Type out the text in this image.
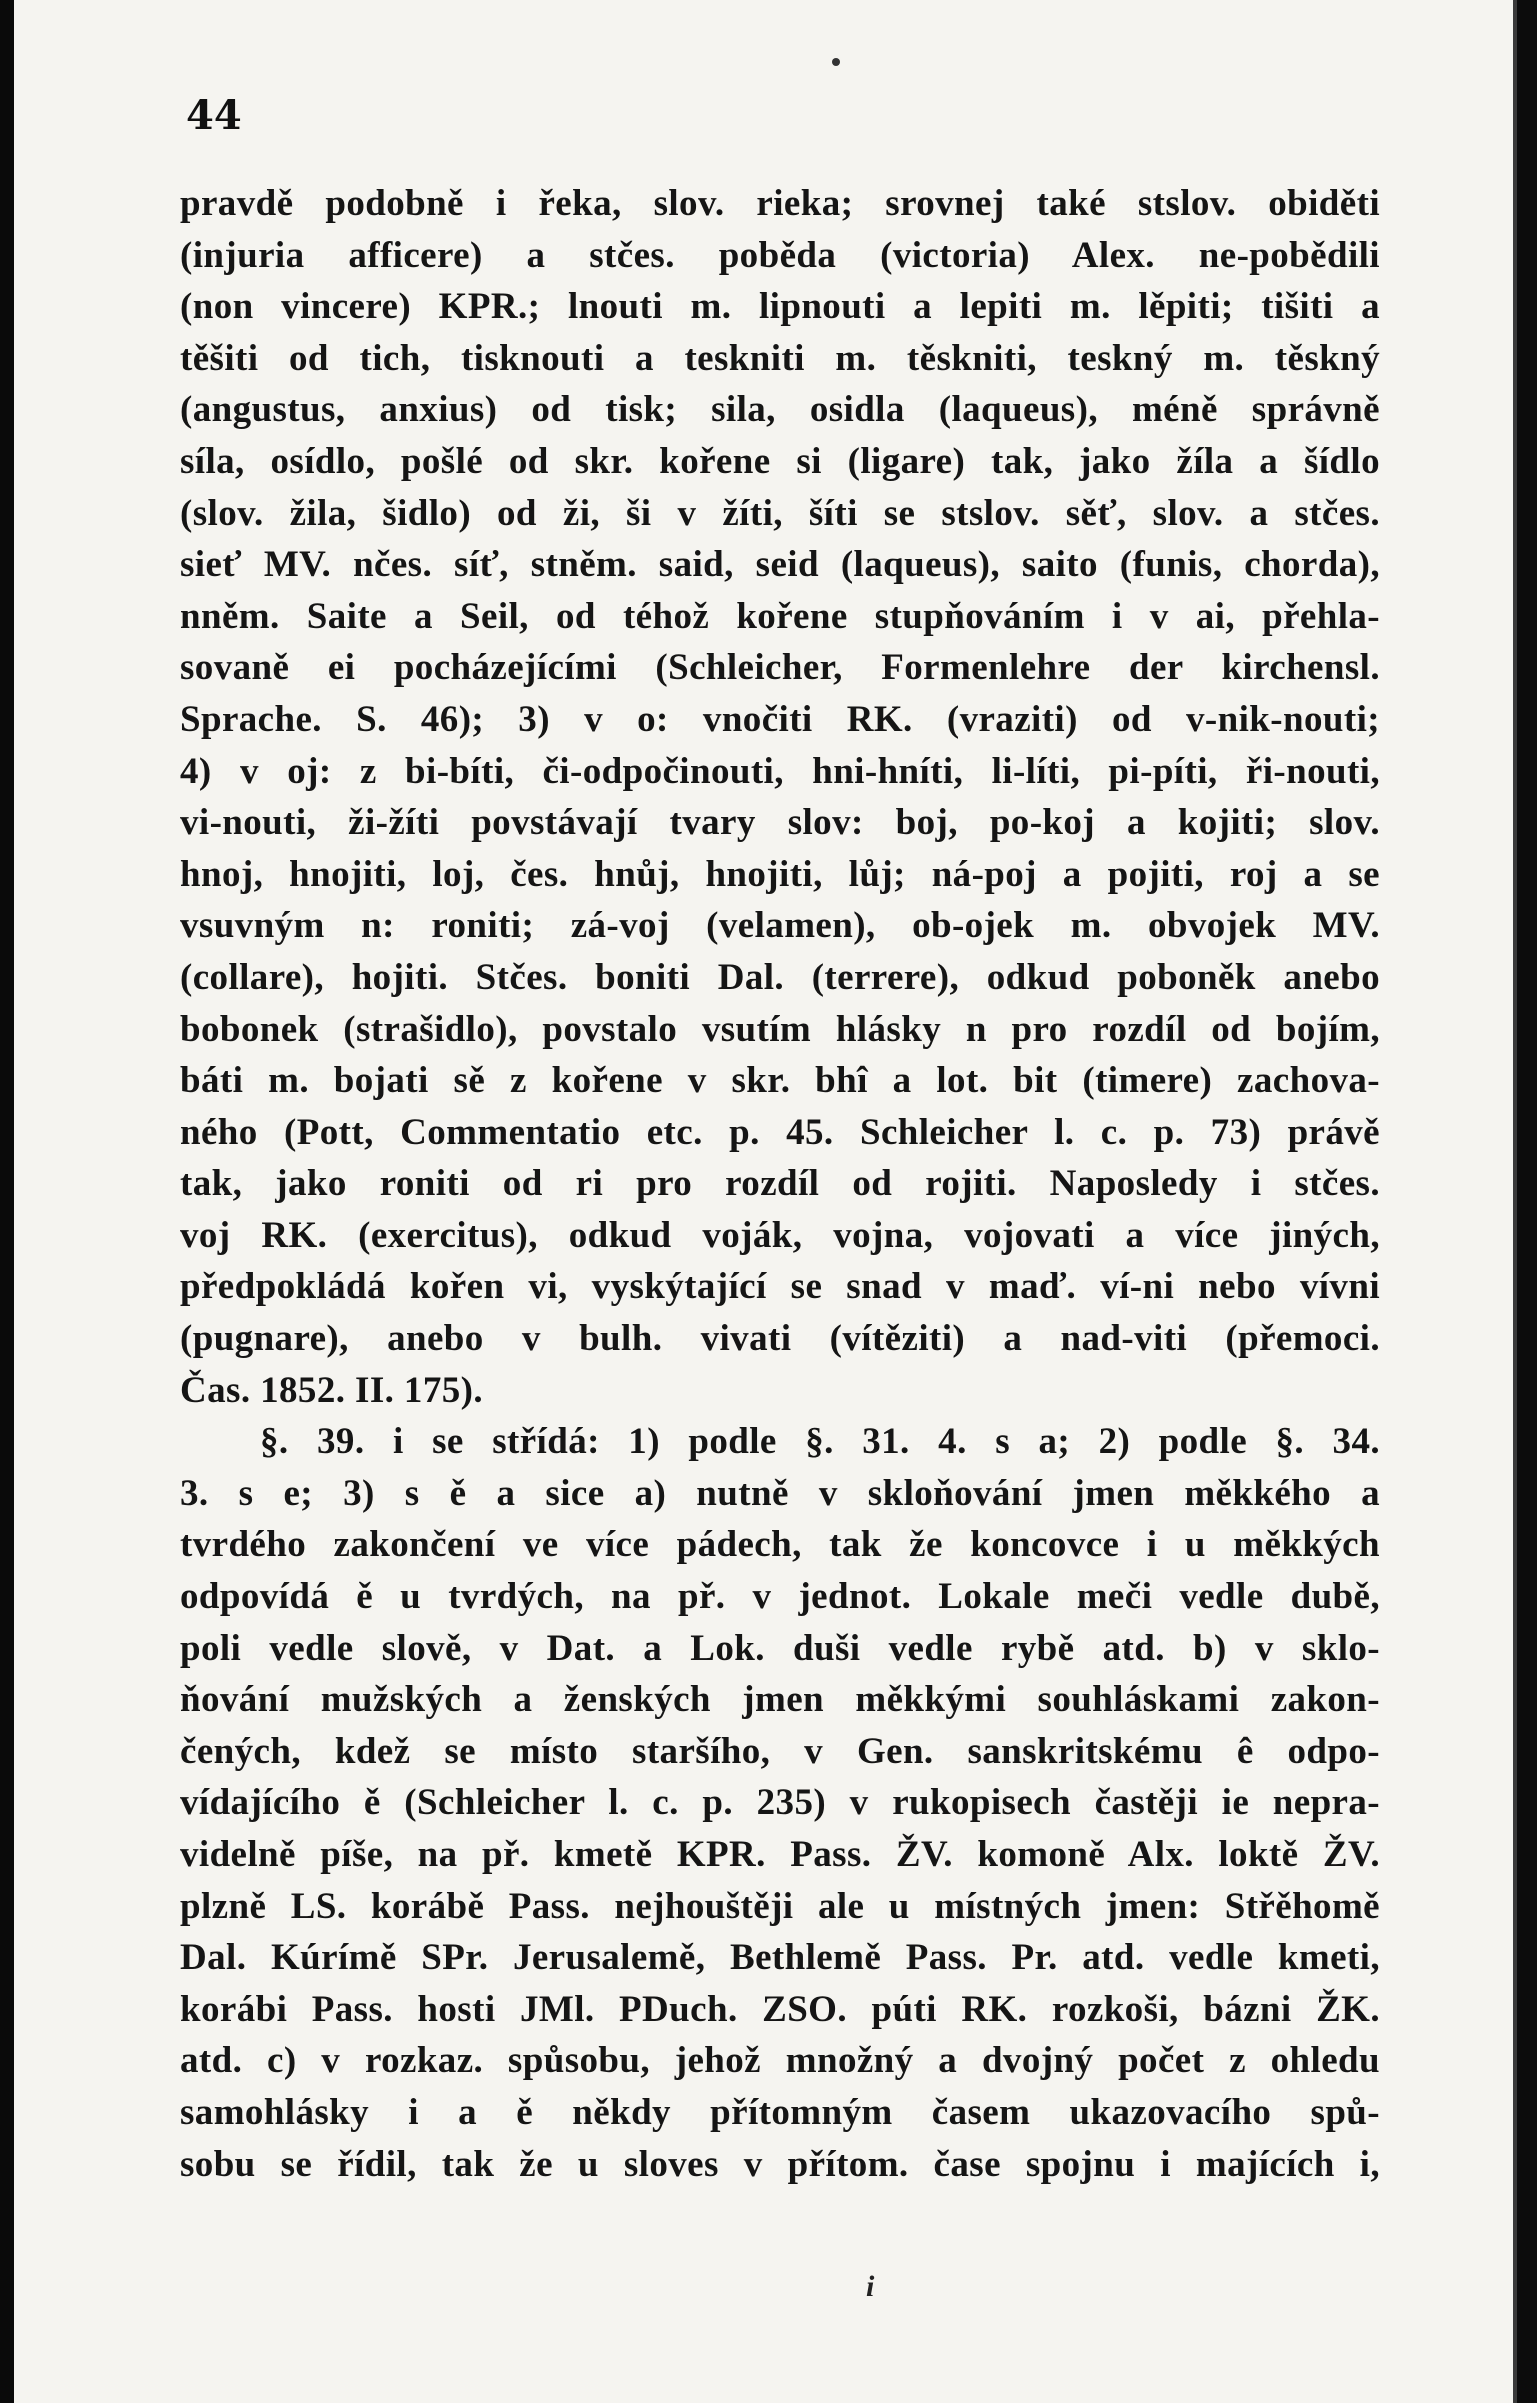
44
pravdě podobně i řeka, slov. rieka; srovnej také stslov. obiděti
(injuria afficere) a stčes. poběda (victoria) Alex. ne-pobědili
(non vincere) KPR.; lnouti m. lipnouti a lepiti m. lěpiti; tišiti a
těšiti od tich, tisknouti a teskniti m. těskniti, teskný m. těskný
(angustus, anxius) od tisk; sila, osidla (laqueus), méně správně
síla, osídlo, pošlé od skr. kořene si (ligare) tak, jako žíla a šídlo
(slov. žila, šidlo) od ži, ši v žíti, šíti se stslov. sěť, slov. a stčes.
sieť MV. nčes. síť, stněm. said, seid (laqueus), saito (funis, chorda),
nněm. Saite a Seil, od téhož kořene stupňováním i v ai, přehla-
sovaně ei pocházejícími (Schleicher, Formenlehre der kirchensl.
Sprache. S. 46); 3) v o: vnočiti RK. (vraziti) od v-nik-nouti;
4) v oj: z bi-bíti, či-odpočinouti, hni-hníti, li-líti, pi-píti, ři-nouti,
vi-nouti, ži-žíti povstávají tvary slov: boj, po-koj a kojiti; slov.
hnoj, hnojiti, loj, čes. hnůj, hnojiti, lůj; ná-poj a pojiti, roj a se
vsuvným n: roniti; zá-voj (velamen), ob-ojek m. obvojek MV.
(collare), hojiti. Stčes. boniti Dal. (terrere), odkud poboněk anebo
bobonek (strašidlo), povstalo vsutím hlásky n pro rozdíl od bojím,
báti m. bojati sě z kořene v skr. bhî a lot. bit (timere) zachova-
ného (Pott, Commentatio etc. p. 45. Schleicher l. c. p. 73) právě
tak, jako roniti od ri pro rozdíl od rojiti. Naposledy i stčes.
voj RK. (exercitus), odkud voják, vojna, vojovati a více jiných,
předpokládá kořen vi, vyskýtající se snad v maď. ví-ni nebo vívni
(pugnare), anebo v bulh. vivati (vítěziti) a nad-viti (přemoci.
Čas. 1852. II. 175).
§. 39. i se střídá: 1) podle §. 31. 4. s a; 2) podle §. 34.
3. s e; 3) s ě a sice a) nutně v skloňování jmen měkkého a
tvrdého zakončení ve více pádech, tak že koncovce i u měkkých
odpovídá ě u tvrdých, na př. v jednot. Lokale meči vedle dubě,
poli vedle slově, v Dat. a Lok. duši vedle rybě atd. b) v sklo-
ňování mužských a ženských jmen měkkými souhláskami zakon-
čených, kdež se místo staršího, v Gen. sanskritskému ê odpo-
vídajícího ě (Schleicher l. c. p. 235) v rukopisech častěji ie nepra-
videlně píše, na př. kmetě KPR. Pass. ŽV. komoně Alx. loktě ŽV.
plzně LS. korábě Pass. nejhouštěji ale u místných jmen: Střěhomě
Dal. Kúrímě SPr. Jerusalemě, Bethlemě Pass. Pr. atd. vedle kmeti,
korábi Pass. hosti JMl. PDuch. ZSO. púti RK. rozkoši, bázni ŽK.
atd. c) v rozkaz. spůsobu, jehož množný a dvojný počet z ohledu
samohlásky i a ě někdy přítomným časem ukazovacího spů-
sobu se řídil, tak že u sloves v přítom. čase spojnu i majících i,
i
